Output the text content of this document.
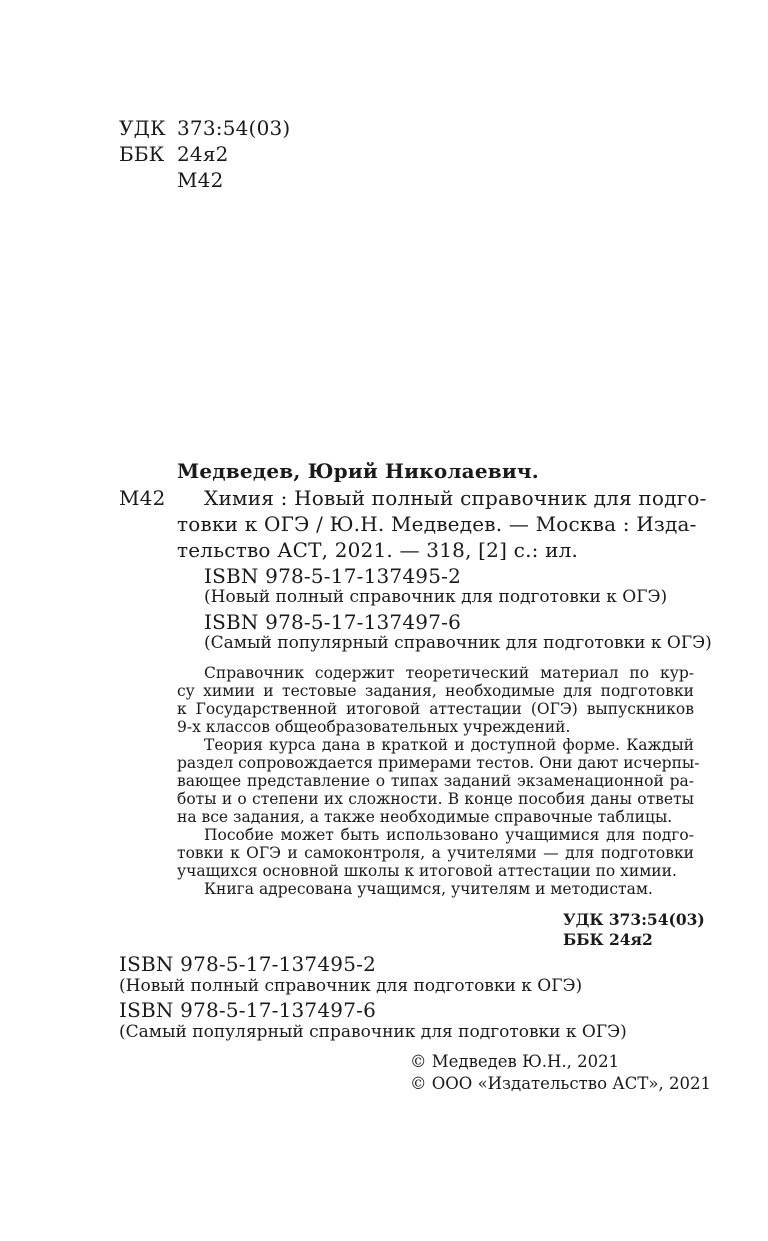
УДК 373:54(03)
ББК 24я2
М42
Медведев, Юрий Николаевич.
М42 Химия : Новый полный справочник для подго-
товки к ОГЭ / Ю.Н. Медведев. — Москва : Изда-
тельство АСТ, 2021. — 318, [2] с.: ил.
ISBN 978-5-17-137495-2
(Новый полный справочник для подготовки к ОГЭ)
ISBN 978-5-17-137497-6
(Самый популярный справочник для подготовки к ОГЭ)
Справочник содержит теоретический материал по кур-
су химии и тестовые задания, необходимые для подготовки
к Государственной итоговой аттестации (ОГЭ) выпускников
9-х классов общеобразовательных учреждений.
Теория курса дана в краткой и доступной форме. Каждый
раздел сопровождается примерами тестов. Они дают исчерпы-
вающее представление о типах заданий экзаменационной ра-
боты и о степени их сложности. В конце пособия даны ответы
на все задания, а также необходимые справочные таблицы.
Пособие может быть использовано учащимися для подго-
товки к ОГЭ и самоконтроля, а учителями — для подготовки
учащихся основной школы к итоговой аттестации по химии.
Книга адресована учащимся, учителям и методистам.
УДК 373:54(03)
ББК 24я2
ISBN 978-5-17-137495-2
(Новый полный справочник для подготовки к ОГЭ)
ISBN 978-5-17-137497-6
(Самый популярный справочник для подготовки к ОГЭ)
© Медведев Ю.Н., 2021
© ООО «Издательство АСТ», 2021
